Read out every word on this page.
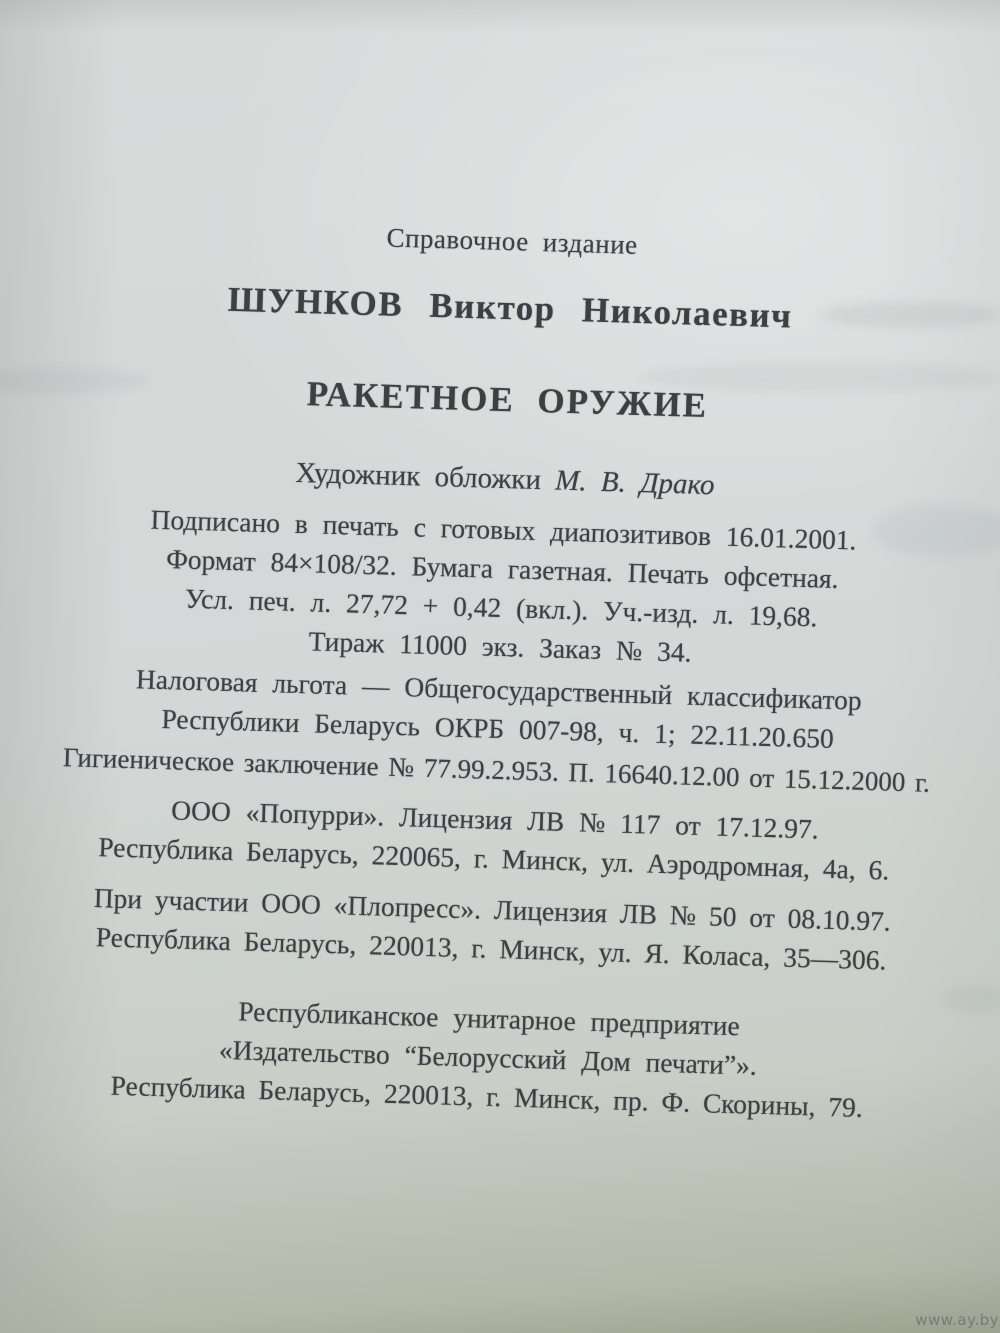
Справочное издание
ШУНКОВ Виктор Николаевич
РАКЕТНОЕ ОРУЖИЕ
Художник обложки М. В. Драко
Подписано в печать с готовых диапозитивов 16.01.2001.
Формат 84×108/32. Бумага газетная. Печать офсетная.
Усл. печ. л. 27,72 + 0,42 (вкл.). Уч.-изд. л. 19,68.
Тираж 11000 экз. Заказ № 34.
Налоговая льгота — Общегосударственный классификатор
Республики Беларусь ОКРБ 007-98, ч. 1; 22.11.20.650
Гигиеническое заключение № 77.99.2.953. П. 16640.12.00 от 15.12.2000 г.
ООО «Попурри». Лицензия ЛВ № 117 от 17.12.97.
Республика Беларусь, 220065, г. Минск, ул. Аэродромная, 4а, 6.
При участии ООО «Плопресс». Лицензия ЛВ № 50 от 08.10.97.
Республика Беларусь, 220013, г. Минск, ул. Я. Коласа, 35—306.
Республиканское унитарное предприятие
«Издательство “Белорусский Дом печати”».
Республика Беларусь, 220013, г. Минск, пр. Ф. Скорины, 79.
www.ay.by
